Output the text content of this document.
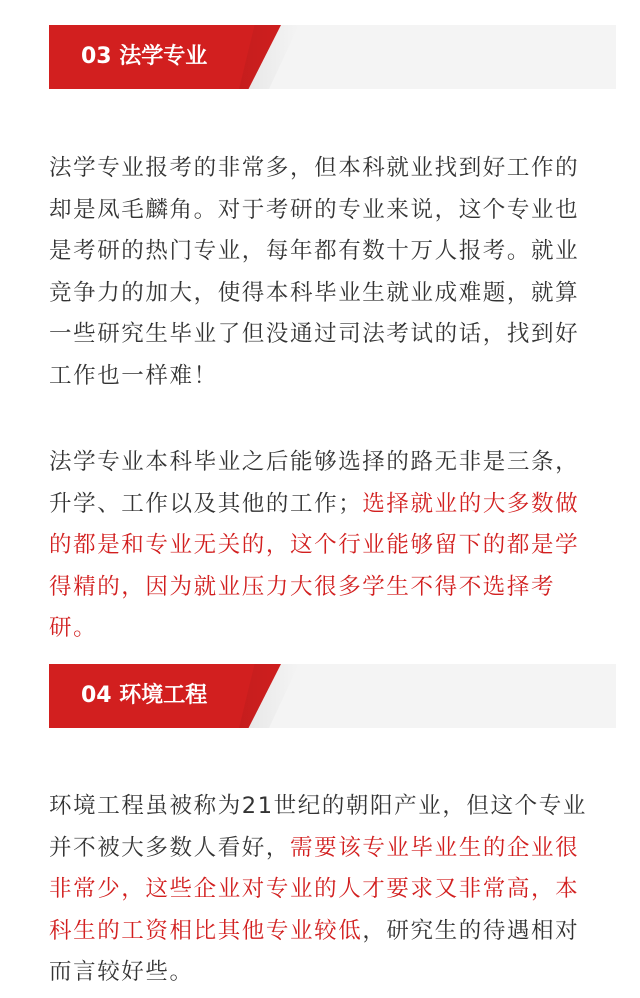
03 法学专业

法学专业报考的非常多，但本科就业找到好工作的却是凤毛麟角。对于考研的专业来说，这个专业也是考研的热门专业，每年都有数十万人报考。就业竞争力的加大，使得本科毕业生就业成难题，就算一些研究生毕业了但没通过司法考试的话，找到好工作也一样难！

法学专业本科毕业之后能够选择的路无非是三条，升学、工作以及其他的工作；选择就业的大多数做的都是和专业无关的，这个行业能够留下的都是学得精的，因为就业压力大很多学生不得不选择考研。

04 环境工程

环境工程虽被称为21世纪的朝阳产业，但这个专业并不被大多数人看好，需要该专业毕业生的企业很非常少，这些企业对专业的人才要求又非常高，本科生的工资相比其他专业较低，研究生的待遇相对而言较好些。
